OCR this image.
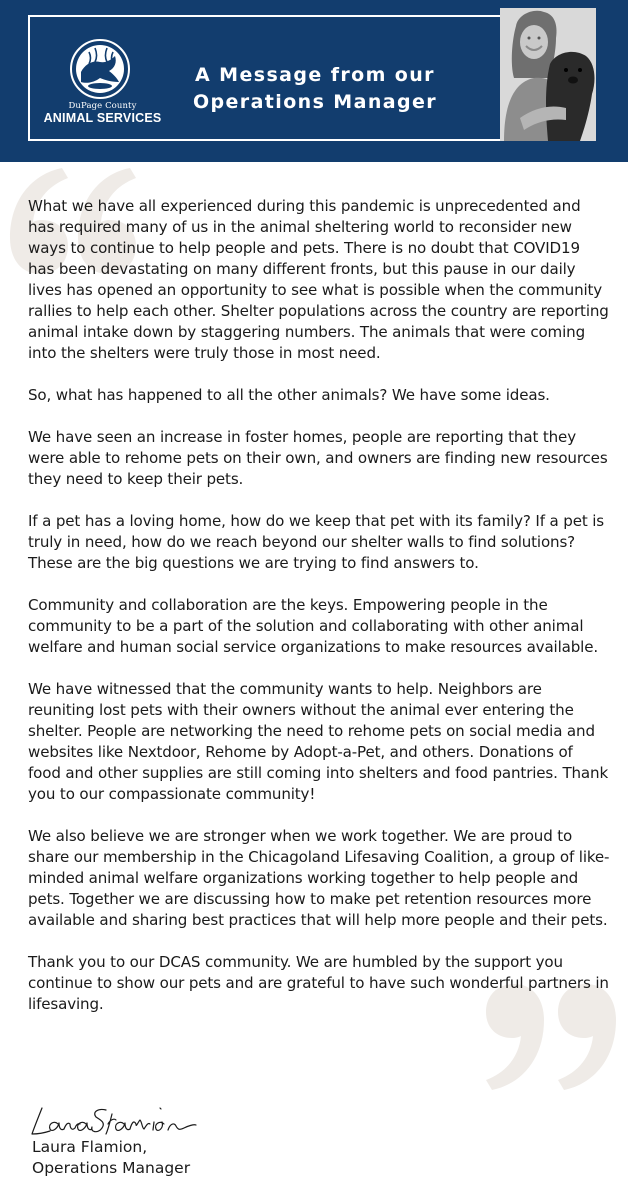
DuPage County
ANIMAL SERVICES
A Message from our
Operations Manager

What we have all experienced during this pandemic is unprecedented and has required many of us in the animal sheltering world to reconsider new ways to continue to help people and pets. There is no doubt that COVID19 has been devastating on many different fronts, but this pause in our daily lives has opened an opportunity to see what is possible when the community rallies to help each other. Shelter populations across the country are reporting animal intake down by staggering numbers. The animals that were coming into the shelters were truly those in most need.

So, what has happened to all the other animals? We have some ideas.

We have seen an increase in foster homes, people are reporting that they were able to rehome pets on their own, and owners are finding new resources they need to keep their pets.

If a pet has a loving home, how do we keep that pet with its family? If a pet is truly in need, how do we reach beyond our shelter walls to find solutions? These are the big questions we are trying to find answers to.

Community and collaboration are the keys. Empowering people in the community to be a part of the solution and collaborating with other animal welfare and human social service organizations to make resources available.

We have witnessed that the community wants to help. Neighbors are reuniting lost pets with their owners without the animal ever entering the shelter. People are networking the need to rehome pets on social media and websites like Nextdoor, Rehome by Adopt-a-Pet, and others. Donations of food and other supplies are still coming into shelters and food pantries. Thank you to our compassionate community!

We also believe we are stronger when we work together. We are proud to share our membership in the Chicagoland Lifesaving Coalition, a group of like-minded animal welfare organizations working together to help people and pets. Together we are discussing how to make pet retention resources more available and sharing best practices that will help more people and their pets.

Thank you to our DCAS community. We are humbled by the support you continue to show our pets and are grateful to have such wonderful partners in lifesaving.

Laura Flamion,
Operations Manager
